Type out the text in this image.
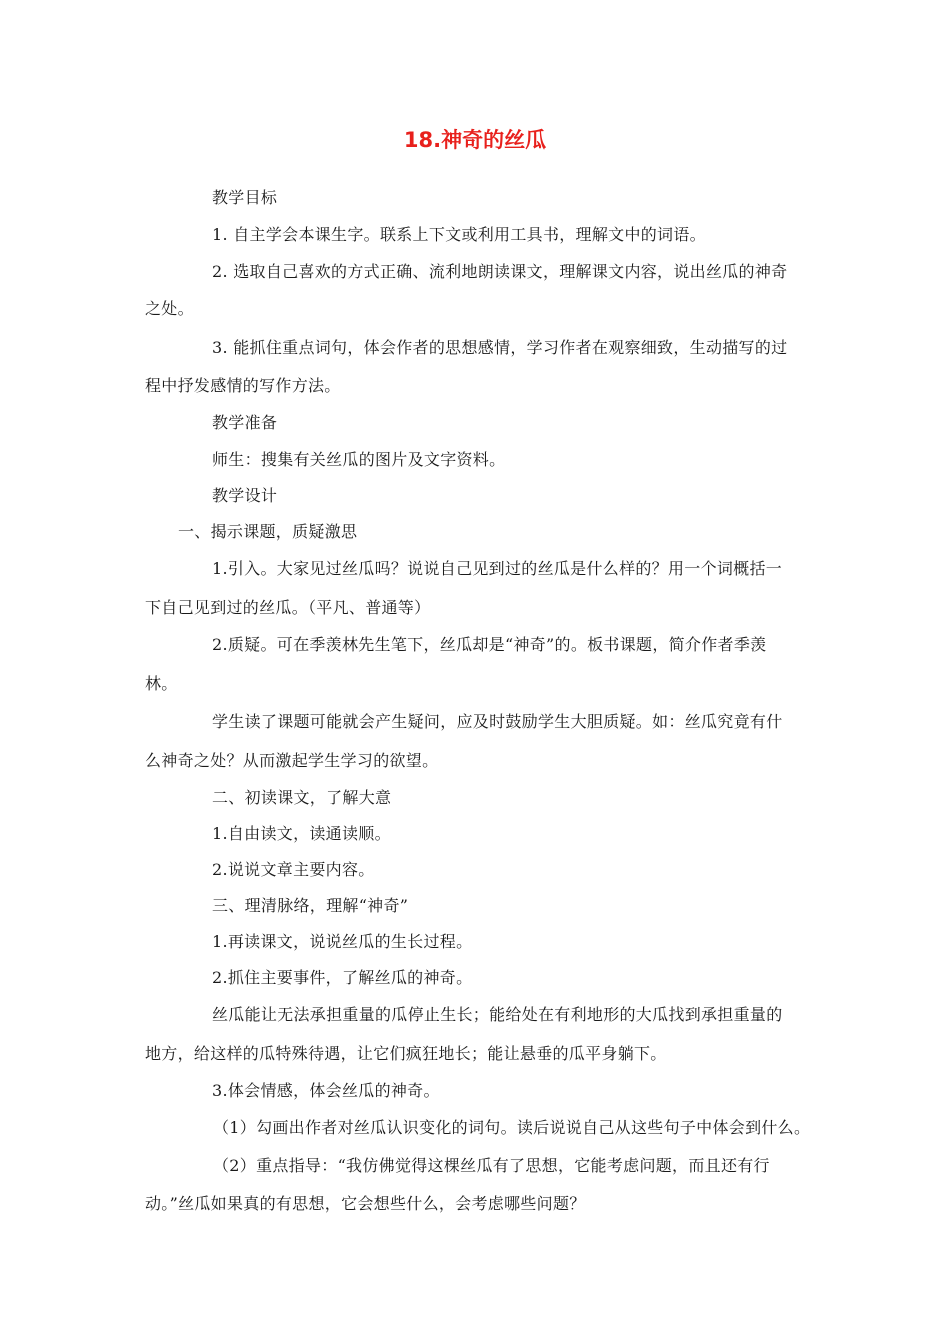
18.神奇的丝瓜

教学目标

1. 自主学会本课生字。联系上下文或利用工具书，理解文中的词语。

2. 选取自己喜欢的方式正确、流利地朗读课文，理解课文内容，说出丝瓜的神奇

之处。

3. 能抓住重点词句，体会作者的思想感情，学习作者在观察细致，生动描写的过

程中抒发感情的写作方法。

教学准备

师生：搜集有关丝瓜的图片及文字资料。

教学设计

一、揭示课题，质疑激思

1.引入。大家见过丝瓜吗？说说自己见到过的丝瓜是什么样的？用一个词概括一

下自己见到过的丝瓜。（平凡、普通等）

2.质疑。可在季羡林先生笔下，丝瓜却是“神奇”的。板书课题，简介作者季羡

林。

学生读了课题可能就会产生疑问，应及时鼓励学生大胆质疑。如：丝瓜究竟有什

么神奇之处？从而激起学生学习的欲望。

二、初读课文，了解大意

1.自由读文，读通读顺。

2.说说文章主要内容。

三、理清脉络，理解“神奇”

1.再读课文，说说丝瓜的生长过程。

2.抓住主要事件，了解丝瓜的神奇。

丝瓜能让无法承担重量的瓜停止生长；能给处在有利地形的大瓜找到承担重量的

地方，给这样的瓜特殊待遇，让它们疯狂地长；能让悬垂的瓜平身躺下。

3.体会情感，体会丝瓜的神奇。

（1）勾画出作者对丝瓜认识变化的词句。读后说说自己从这些句子中体会到什么。

（2）重点指导：“我仿佛觉得这棵丝瓜有了思想，它能考虑问题，而且还有行

动。”丝瓜如果真的有思想，它会想些什么，会考虑哪些问题？
